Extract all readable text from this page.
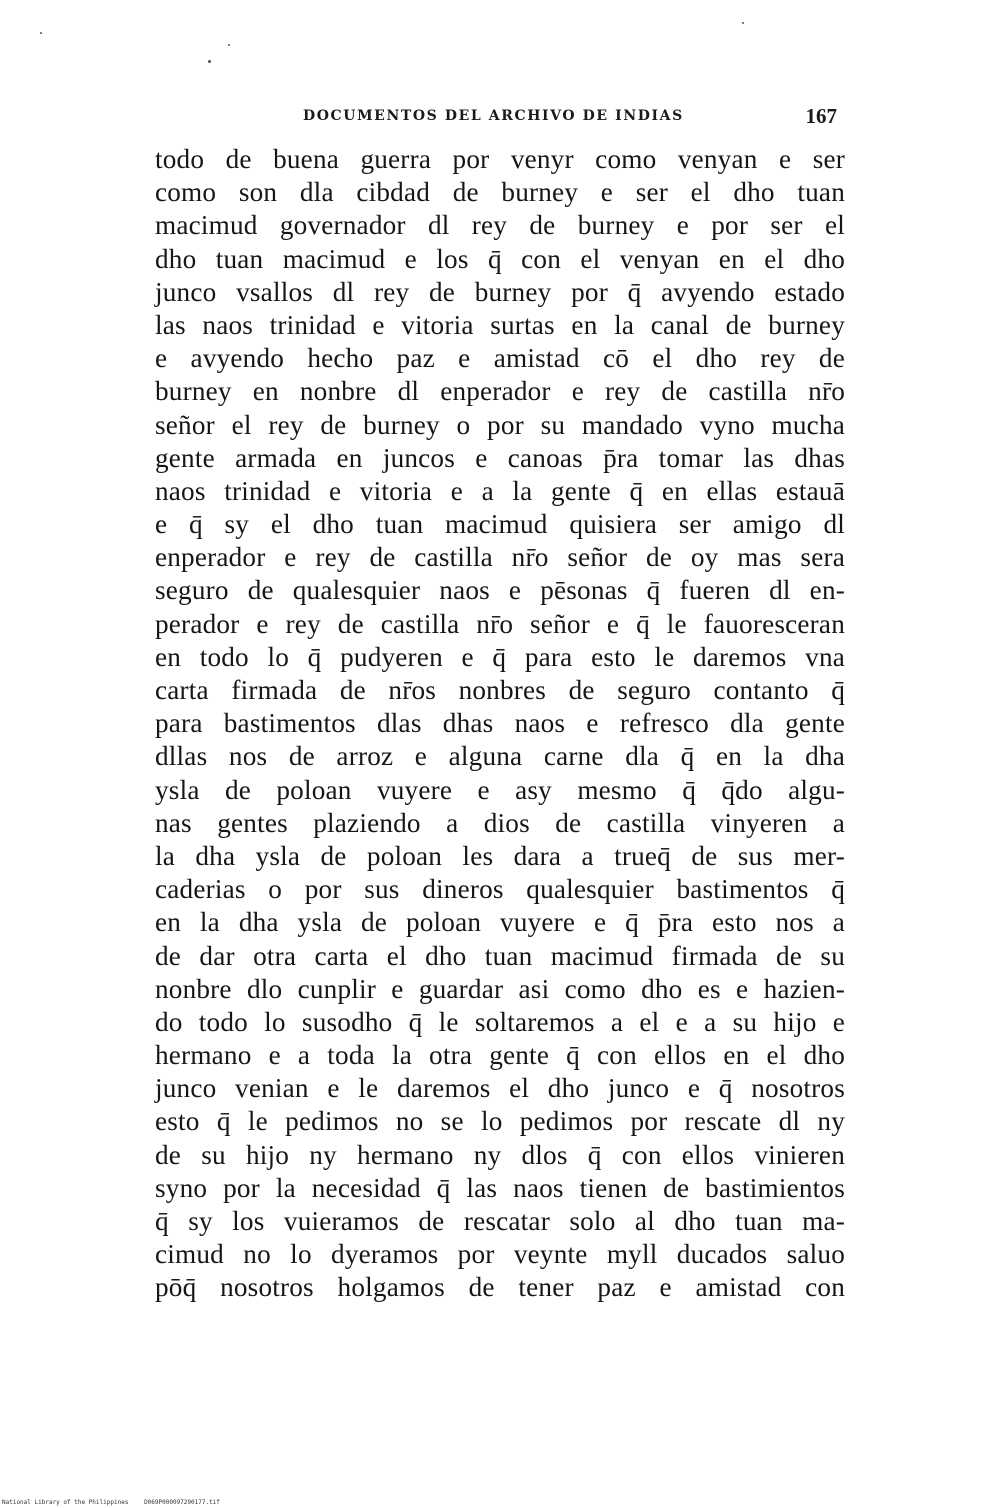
DOCUMENTOS DEL ARCHIVO DE INDIAS	167
todo de buena guerra por venyr como venyan e ser
como son dla cibdad de burney e ser el dho tuan
macimud governador dl rey de burney e por ser el
dho tuan macimud e los q̄ con el venyan en el dho
junco vsallos dl rey de burney por q̄ avyendo estado
las naos trinidad e vitoria surtas en la canal de burney
e avyendo hecho paz e amistad cō el dho rey de
burney en nonbre dl enperador e rey de castilla nr̄o
señor el rey de burney o por su mandado vyno mucha
gente armada en juncos e canoas p̄ra tomar las dhas
naos trinidad e vitoria e a la gente q̄ en ellas estauā
e q̄ sy el dho tuan macimud quisiera ser amigo dl
enperador e rey de castilla nr̄o señor de oy mas sera
seguro de qualesquier naos e pēsonas q̄ fueren dl en-
perador e rey de castilla nr̄o señor e q̄ le fauoresceran
en todo lo q̄ pudyeren e q̄ para esto le daremos vna
carta firmada de nr̄os nonbres de seguro contanto q̄
para bastimentos dlas dhas naos e refresco dla gente
dllas nos de arroz e alguna carne dla q̄ en la dha
ysla de poloan vuyere e asy mesmo q̄ q̄do algu-
nas gentes plaziendo a dios de castilla vinyeren a
la dha ysla de poloan les dara a trueq̄ de sus mer-
caderias o por sus dineros qualesquier bastimentos q̄
en la dha ysla de poloan vuyere e q̄ p̄ra esto nos a
de dar otra carta el dho tuan macimud firmada de su
nonbre dlo cunplir e guardar asi como dho es e hazien-
do todo lo susodho q̄ le soltaremos a el e a su hijo e
hermano e a toda la otra gente q̄ con ellos en el dho
junco venian e le daremos el dho junco e q̄ nosotros
esto q̄ le pedimos no se lo pedimos por rescate dl ny
de su hijo ny hermano ny dlos q̄ con ellos vinieren
syno por la necesidad q̄ las naos tienen de bastimientos
q̄ sy los vuieramos de rescatar solo al dho tuan ma-
cimud no lo dyeramos por veynte myll ducados saluo
pōq̄ nosotros holgamos de tener paz e amistad con
National Library of the Philippines	D069P000097290177.tif
